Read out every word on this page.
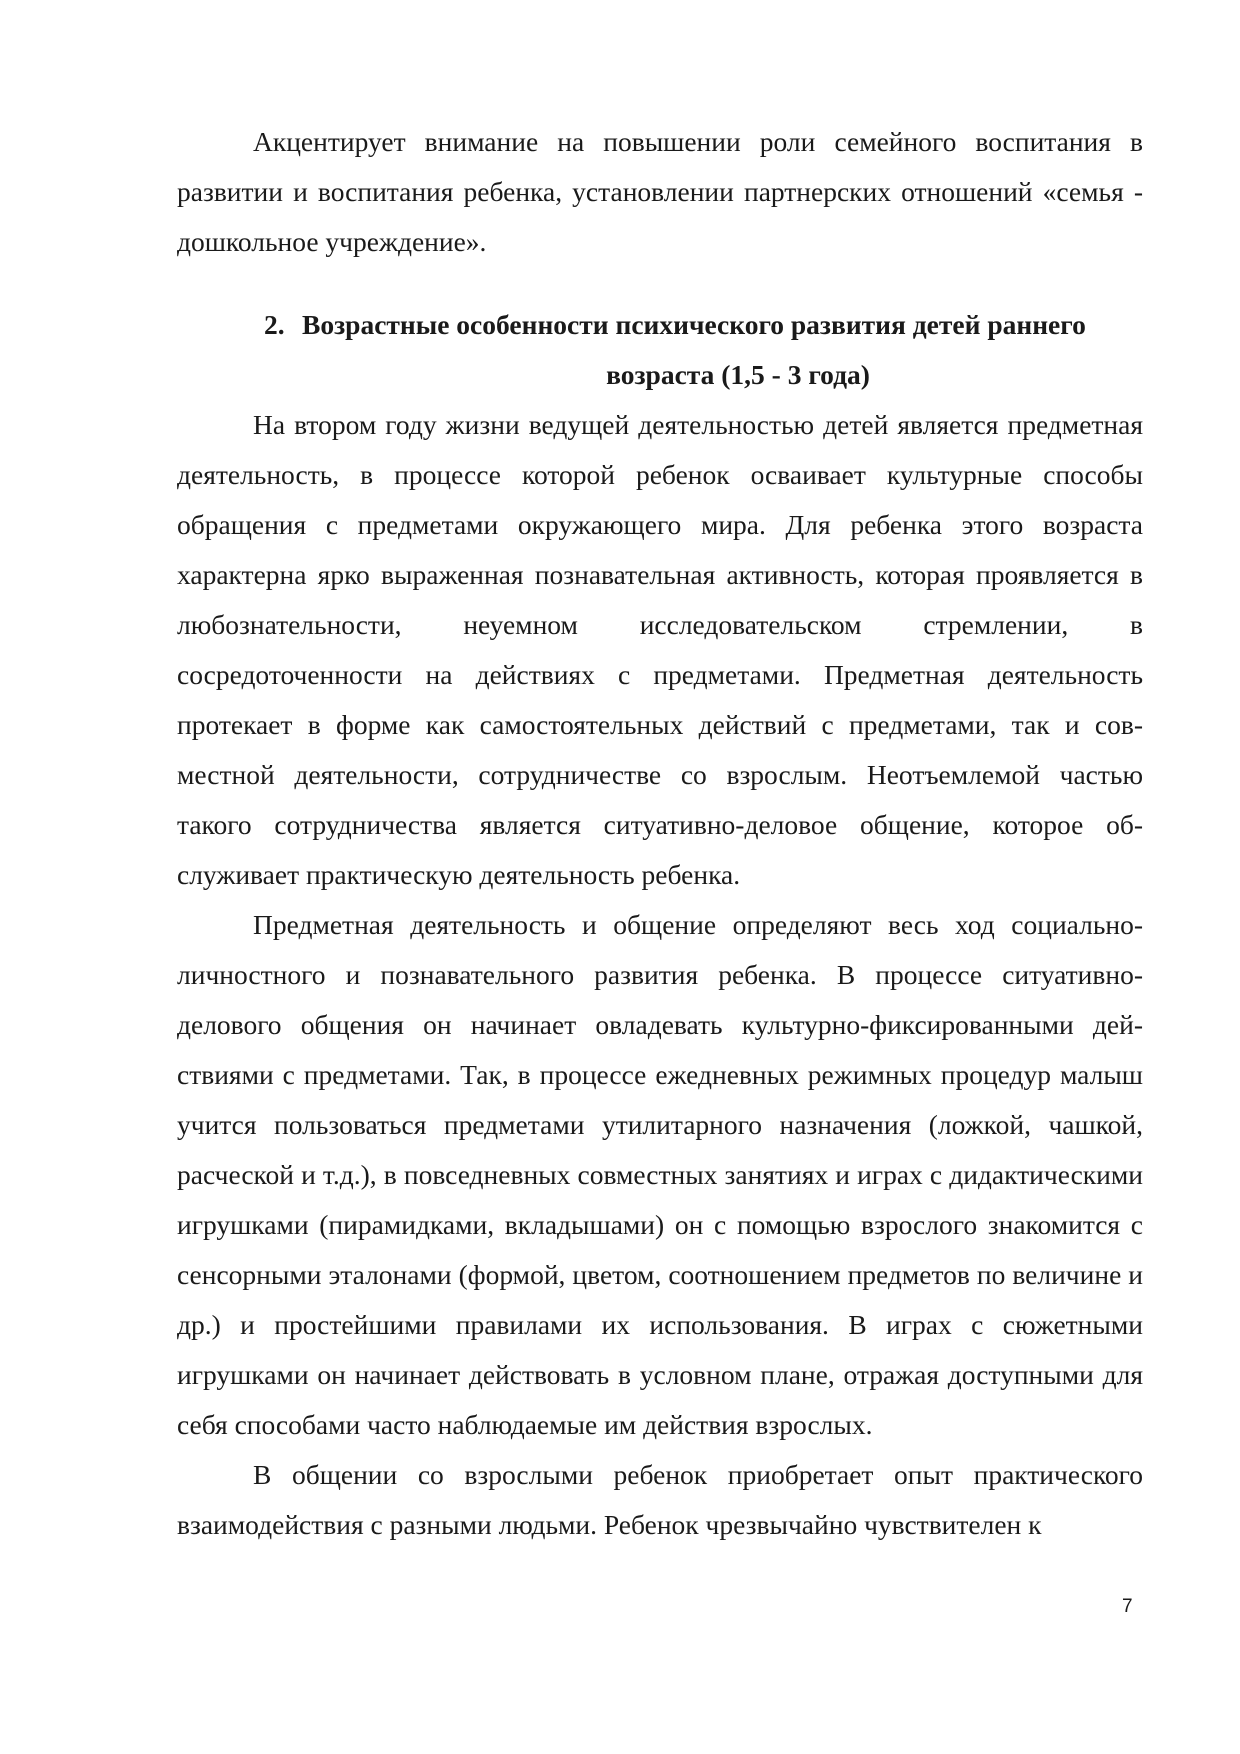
Акцентирует внимание на повышении роли семейного воспитания в развитии и воспитания ребенка, установлении партнерских отношений «семья - дошкольное учреждение».

2. Возрастные особенности психического развития детей раннего
возраста (1,5 - 3 года)

На втором году жизни ведущей деятельностью детей является предметная деятельность, в процессе которой ребенок осваивает культурные способы обращения с предметами окружающего мира. Для ребенка этого возраста характерна ярко выраженная познавательная активность, которая проявляется в любознательности, неуемном исследовательском стремлении, в сосредоточенности на действиях с предметами. Предметная деятельность протекает в форме как самостоятельных действий с предметами, так и совместной деятельности, сотрудничестве со взрослым. Неотъемлемой частью такого сотрудничества является ситуативно-деловое общение, которое обслуживает практическую деятельность ребенка.

Предметная деятельность и общение определяют весь ход социально-личностного и познавательного развития ребенка. В процессе ситуативно-делового общения он начинает овладевать культурно-фиксированными действиями с предметами. Так, в процессе ежедневных режимных процедур малыш учится пользоваться предметами утилитарного назначения (ложкой, чашкой, расческой и т.д.), в повседневных совместных занятиях и играх с дидактическими игрушками (пирамидками, вкладышами) он с помощью взрослого знакомится с сенсорными эталонами (формой, цветом, соотношением предметов по величине и др.) и простейшими правилами их использования. В играх с сюжетными игрушками он начинает действовать в условном плане, отражая доступными для себя способами часто наблюдаемые им действия взрослых.

В общении со взрослыми ребенок приобретает опыт практического взаимодействия с разными людьми. Ребенок чрезвычайно чувствителен к

7
